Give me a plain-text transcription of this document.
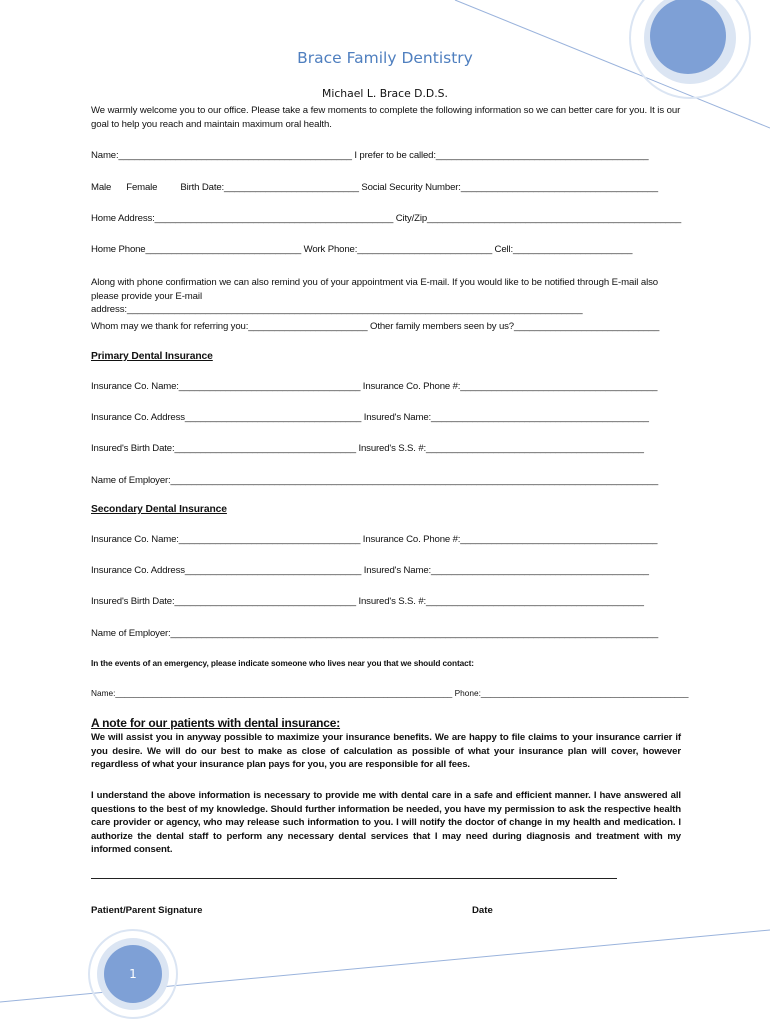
Brace Family Dentistry
Michael L. Brace D.D.S.
We warmly welcome you to our office. Please take a few moments to complete the following information so we can better care for you. It is our goal to help you reach and maintain maximum oral health.
Name:_____________________________________________ I prefer to be called:_________________________________________
Male Female Birth Date:__________________________ Social Security Number:______________________________________
Home Address:______________________________________________ City/Zip_________________________________________________
Home Phone______________________________ Work Phone:__________________________ Cell:_______________________
Along with phone confirmation we can also remind you of your appointment via E-mail. If you would like to be notified through E-mail also please provide your E-mail address:_______________________________________________________________________________________
Whom may we thank for referring you:_______________________ Other family members seen by us?____________________________
Primary Dental Insurance
Insurance Co. Name:___________________________________ Insurance Co. Phone #:______________________________________
Insurance Co. Address__________________________________ Insured's Name:__________________________________________
Insured's Birth Date:___________________________________ Insured's S.S. #:__________________________________________
Name of Employer:______________________________________________________________________________________________
Secondary Dental Insurance
Insurance Co. Name:___________________________________ Insurance Co. Phone #:______________________________________
Insurance Co. Address__________________________________ Insured's Name:__________________________________________
Insured's Birth Date:___________________________________ Insured's S.S. #:__________________________________________
Name of Employer:______________________________________________________________________________________________
In the events of an emergency, please indicate someone who lives near you that we should contact:
Name:_________________________________________________________________________ Phone:_____________________________________________
A note for our patients with dental insurance:
We will assist you in anyway possible to maximize your insurance benefits. We are happy to file claims to your insurance carrier if you desire. We will do our best to make as close of calculation as possible of what your insurance plan will cover, however regardless of what your insurance plan pays for you, you are responsible for all fees.
I understand the above information is necessary to provide me with dental care in a safe and efficient manner. I have answered all questions to the best of my knowledge. Should further information be needed, you have my permission to ask the respective health care provider or agency, who may release such information to you. I will notify the doctor of change in my health and medication. I authorize the dental staff to perform any necessary dental services that I may need during diagnosis and treatment with my informed consent.
Patient/Parent Signature	Date
1
